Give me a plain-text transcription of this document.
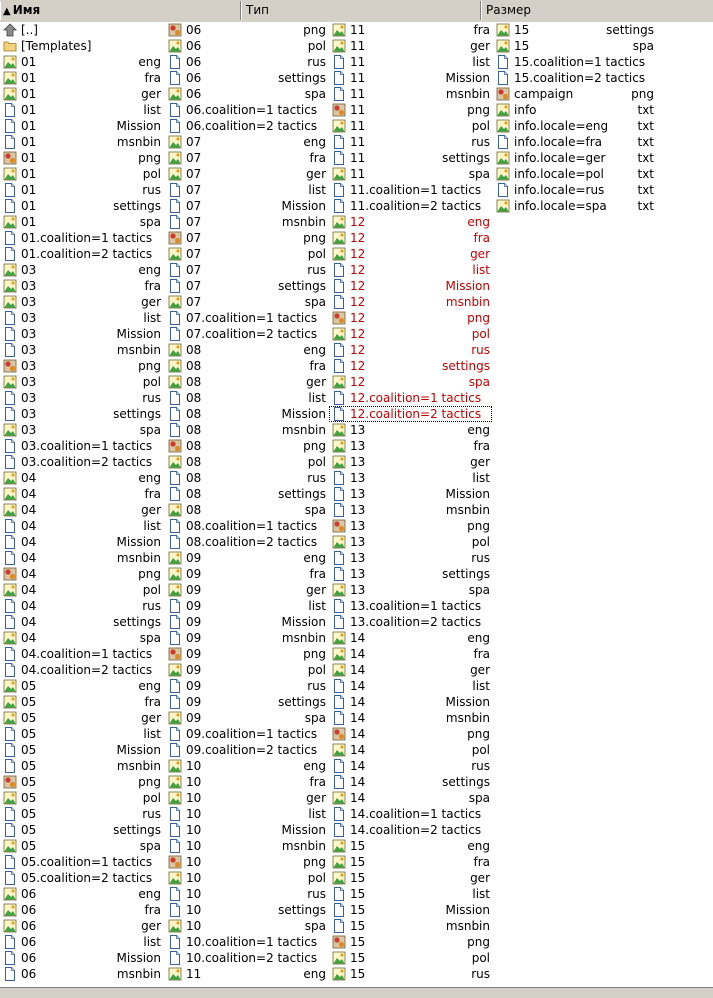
▲ Имя	Тип	Размер
[..]
[Templates]
01	eng
01	fra
01	ger
01	list
01	Mission
01	msnbin
01	png
01	pol
01	rus
01	settings
01	spa
01.coalition=1 tactics
01.coalition=2 tactics
03	eng
03	fra
03	ger
03	list
03	Mission
03	msnbin
03	png
03	pol
03	rus
03	settings
03	spa
03.coalition=1 tactics
03.coalition=2 tactics
04	eng
04	fra
04	ger
04	list
04	Mission
04	msnbin
04	png
04	pol
04	rus
04	settings
04	spa
04.coalition=1 tactics
04.coalition=2 tactics
05	eng
05	fra
05	ger
05	list
05	Mission
05	msnbin
05	png
05	pol
05	rus
05	settings
05	spa
05.coalition=1 tactics
05.coalition=2 tactics
06	eng
06	fra
06	ger
06	list
06	Mission
06	msnbin
06	png
06	pol
06	rus
06	settings
06	spa
06.coalition=1 tactics
06.coalition=2 tactics
07	eng
07	fra
07	ger
07	list
07	Mission
07	msnbin
07	png
07	pol
07	rus
07	settings
07	spa
07.coalition=1 tactics
07.coalition=2 tactics
08	eng
08	fra
08	ger
08	list
08	Mission
08	msnbin
08	png
08	pol
08	rus
08	settings
08	spa
08.coalition=1 tactics
08.coalition=2 tactics
09	eng
09	fra
09	ger
09	list
09	Mission
09	msnbin
09	png
09	pol
09	rus
09	settings
09	spa
09.coalition=1 tactics
09.coalition=2 tactics
10	eng
10	fra
10	ger
10	list
10	Mission
10	msnbin
10	png
10	pol
10	rus
10	settings
10	spa
10.coalition=1 tactics
10.coalition=2 tactics
11	eng
11	fra
11	ger
11	list
11	Mission
11	msnbin
11	png
11	pol
11	rus
11	settings
11	spa
11.coalition=1 tactics
11.coalition=2 tactics
12	eng
12	fra
12	ger
12	list
12	Mission
12	msnbin
12	png
12	pol
12	rus
12	settings
12	spa
12.coalition=1 tactics
12.coalition=2 tactics
13	eng
13	fra
13	ger
13	list
13	Mission
13	msnbin
13	png
13	pol
13	rus
13	settings
13	spa
13.coalition=1 tactics
13.coalition=2 tactics
14	eng
14	fra
14	ger
14	list
14	Mission
14	msnbin
14	png
14	pol
14	rus
14	settings
14	spa
14.coalition=1 tactics
14.coalition=2 tactics
15	eng
15	fra
15	ger
15	list
15	Mission
15	msnbin
15	png
15	pol
15	rus
15	settings
15	spa
15.coalition=1 tactics
15.coalition=2 tactics
campaign	png
info	txt
info.locale=eng txt
info.locale=fra	txt
info.locale=ger	txt
info.locale=pol	txt
info.locale=rus	txt
info.locale=spa	txt
